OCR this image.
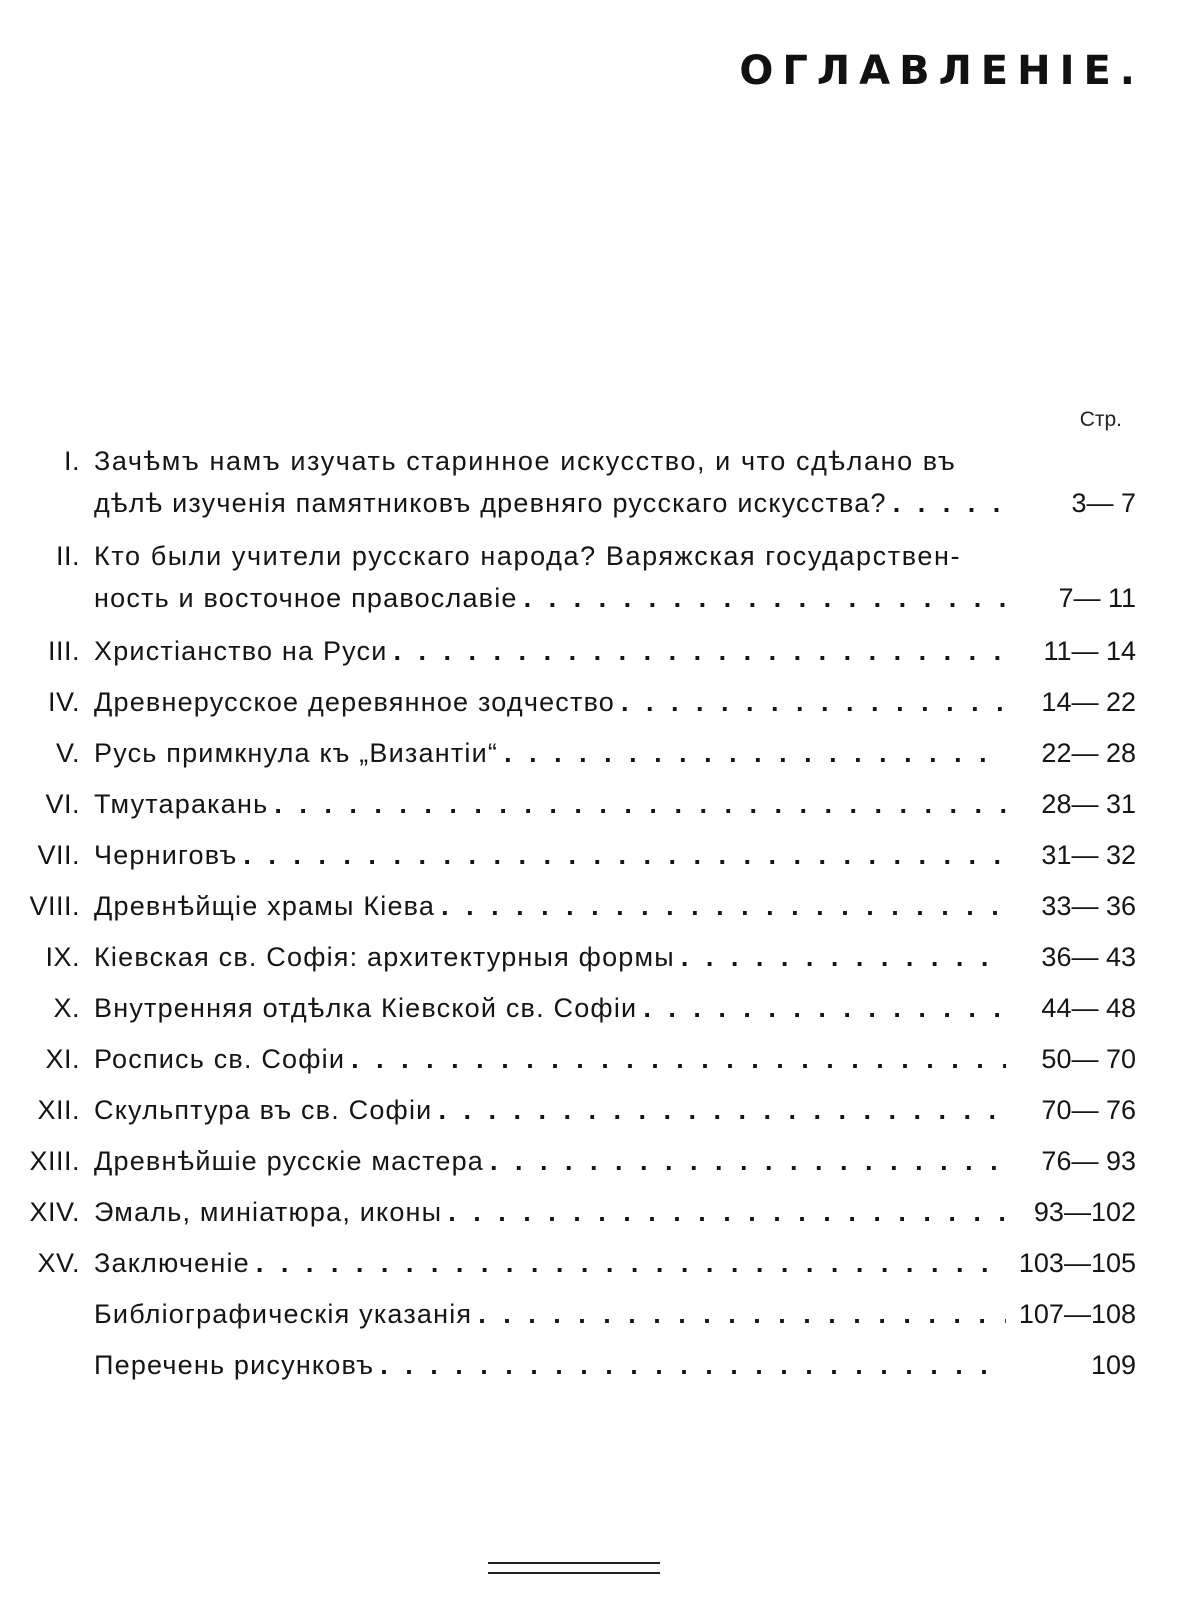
ОГЛАВЛЕНІЕ.
Стр.
I. Зачѣмъ намъ изучать старинное искусство, и что сдѣлано въ
дѣлѣ изученія памятниковъ древняго русскаго искусства? . . .	3— 7
II. Кто были учители русскаго народа? Варяжская государствен-
ность и восточное православіе . . .	7— 11
III. Христіанство на Руси . . .	11— 14
IV. Древнерусское деревянное зодчество . . .	14— 22
V. Русь примкнула къ „Византіи“ . . .	22— 28
VI. Тмутаракань . . .	28— 31
VII. Черниговъ . . .	31— 32
VIII. Древнѣйщіе храмы Кіева . . .	33— 36
IX. Кіевская св. Софія: архитектурныя формы . . .	36— 43
X. Внутренняя отдѣлка Кіевской св. Софіи . . .	44— 48
XI. Роспись св. Софіи . . .	50— 70
XII. Скульптура въ св. Софіи . . .	70— 76
XIII. Древнѣйшіе русскіе мастера . . .	76— 93
XIV. Эмаль, миніатюра, иконы . . .	93—102
XV. Заключеніе . . .	103—105
Библіографическія указанія . . .	107—108
Перечень рисунковъ . . .	109
